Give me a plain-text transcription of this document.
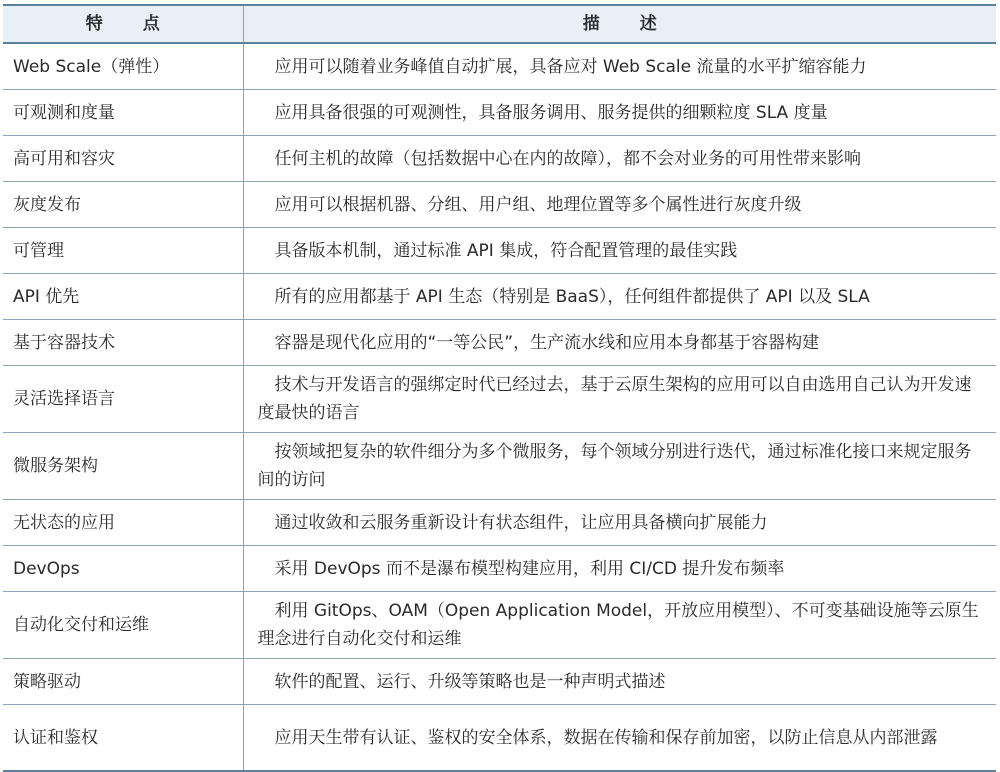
特点	描述
Web Scale（弹性）	应用可以随着业务峰值自动扩展，具备应对 Web Scale 流量的水平扩缩容能力
可观测和度量	应用具备很强的可观测性，具备服务调用、服务提供的细颗粒度 SLA 度量
高可用和容灾	任何主机的故障（包括数据中心在内的故障），都不会对业务的可用性带来影响
灰度发布	应用可以根据机器、分组、用户组、地理位置等多个属性进行灰度升级
可管理	具备版本机制，通过标准 API 集成，符合配置管理的最佳实践
API 优先	所有的应用都基于 API 生态（特别是 BaaS），任何组件都提供了 API 以及 SLA
基于容器技术	容器是现代化应用的“一等公民”，生产流水线和应用本身都基于容器构建
灵活选择语言	技术与开发语言的强绑定时代已经过去，基于云原生架构的应用可以自由选用自己认为开发速度最快的语言
微服务架构	按领域把复杂的软件细分为多个微服务，每个领域分别进行迭代，通过标准化接口来规定服务间的访问
无状态的应用	通过收敛和云服务重新设计有状态组件，让应用具备横向扩展能力
DevOps	采用 DevOps 而不是瀑布模型构建应用，利用 CI/CD 提升发布频率
自动化交付和运维	利用 GitOps、OAM（Open Application Model，开放应用模型）、不可变基础设施等云原生理念进行自动化交付和运维
策略驱动	软件的配置、运行、升级等策略也是一种声明式描述
认证和鉴权	应用天生带有认证、鉴权的安全体系，数据在传输和保存前加密，以防止信息从内部泄露
